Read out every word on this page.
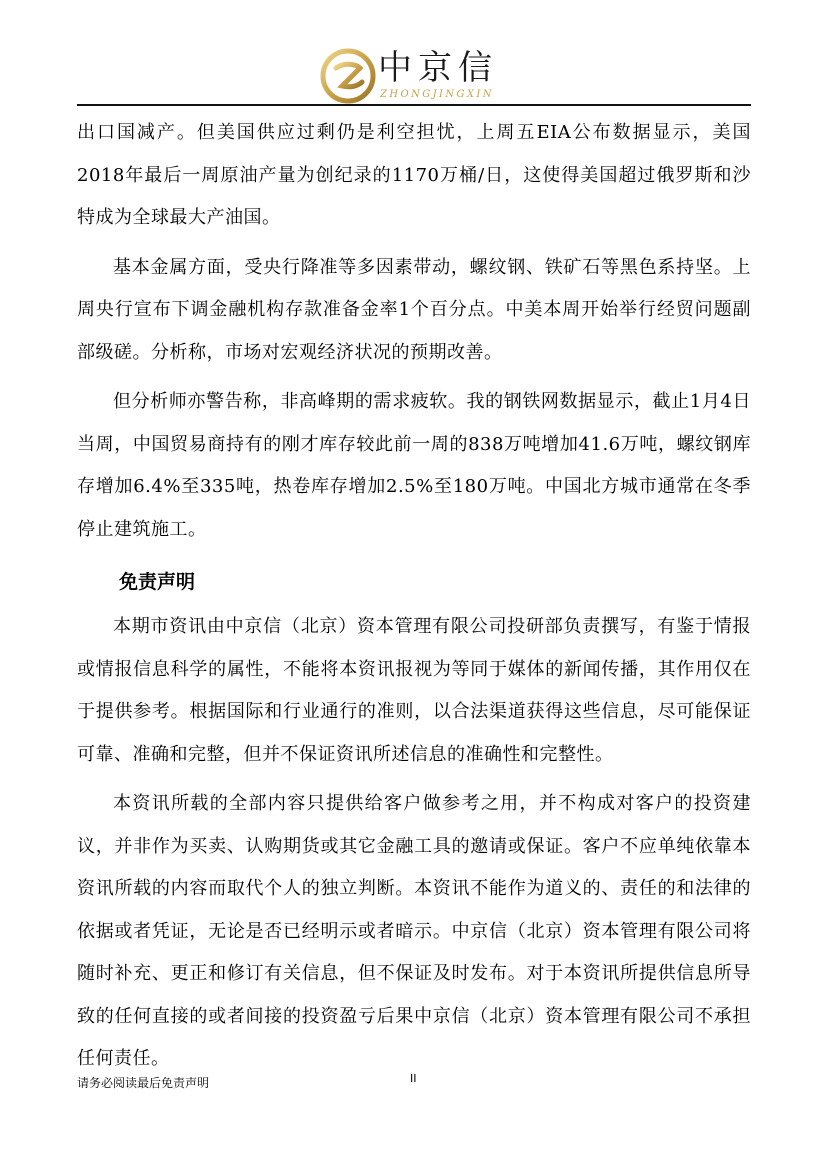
中京信
ZHONGJINGXIN

出口国减产。但美国供应过剩仍是利空担忧，上周五EIA公布数据显示，美国2018年最后一周原油产量为创纪录的1170万桶/日，这使得美国超过俄罗斯和沙特成为全球最大产油国。

基本金属方面，受央行降准等多因素带动，螺纹钢、铁矿石等黑色系持坚。上周央行宣布下调金融机构存款准备金率1个百分点。中美本周开始举行经贸问题副部级磋。分析称，市场对宏观经济状况的预期改善。

但分析师亦警告称，非高峰期的需求疲软。我的钢铁网数据显示，截止1月4日当周，中国贸易商持有的刚才库存较此前一周的838万吨增加41.6万吨，螺纹钢库存增加6.4%至335吨，热卷库存增加2.5%至180万吨。中国北方城市通常在冬季停止建筑施工。

免责声明

本期市资讯由中京信（北京）资本管理有限公司投研部负责撰写，有鉴于情报或情报信息科学的属性，不能将本资讯报视为等同于媒体的新闻传播，其作用仅在于提供参考。根据国际和行业通行的准则，以合法渠道获得这些信息，尽可能保证可靠、准确和完整，但并不保证资讯所述信息的准确性和完整性。

本资讯所载的全部内容只提供给客户做参考之用，并不构成对客户的投资建议，并非作为买卖、认购期货或其它金融工具的邀请或保证。客户不应单纯依靠本资讯所载的内容而取代个人的独立判断。本资讯不能作为道义的、责任的和法律的依据或者凭证，无论是否已经明示或者暗示。中京信（北京）资本管理有限公司将随时补充、更正和修订有关信息，但不保证及时发布。对于本资讯所提供信息所导致的任何直接的或者间接的投资盈亏后果中京信（北京）资本管理有限公司不承担任何责任。

请务必阅读最后免责声明	II
